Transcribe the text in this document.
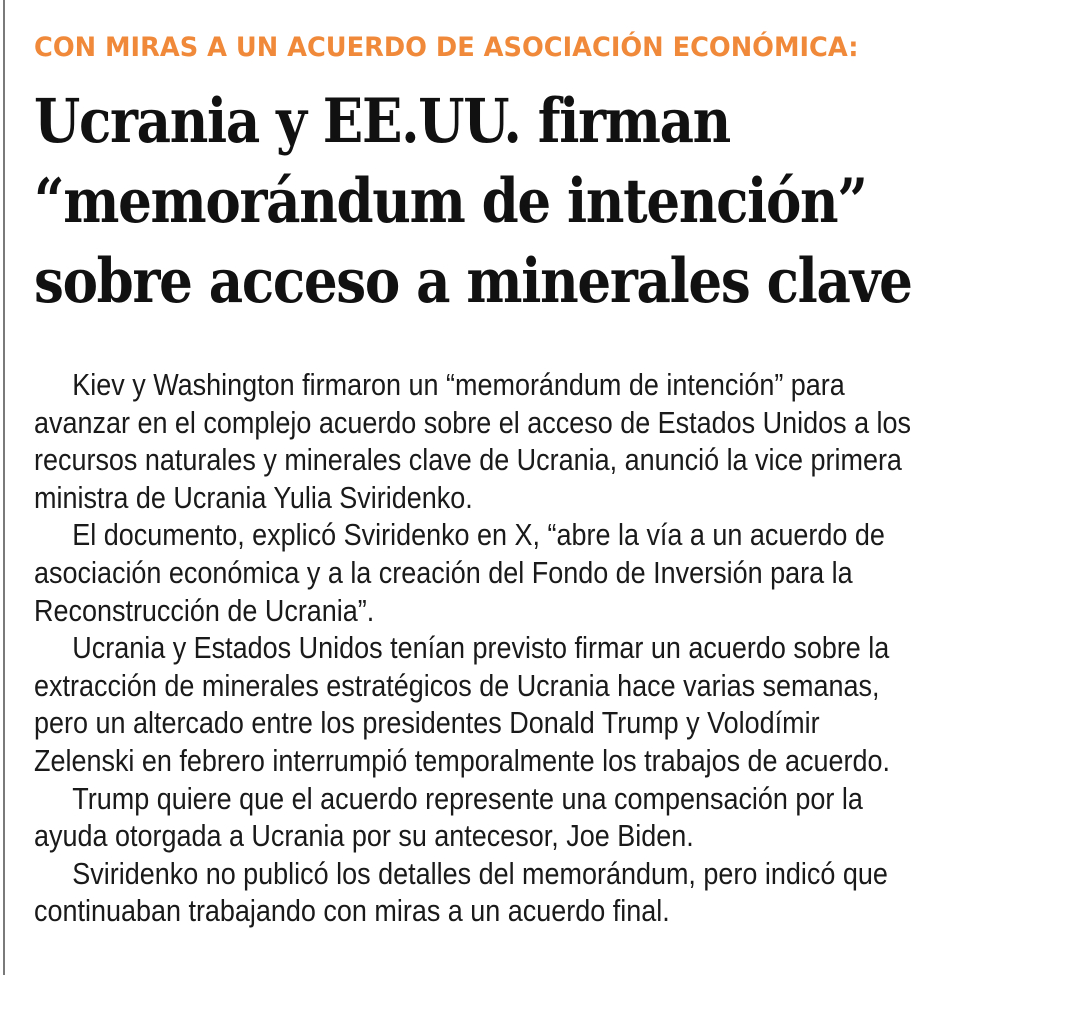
CON MIRAS A UN ACUERDO DE ASOCIACIÓN ECONÓMICA:
Ucrania y EE.UU. firman
“memorándum de intención”
sobre acceso a minerales clave
Kiev y Washington firmaron un “memorándum de intención” para
avanzar en el complejo acuerdo sobre el acceso de Estados Unidos a los
recursos naturales y minerales clave de Ucrania, anunció la vice primera
ministra de Ucrania Yulia Sviridenko.
El documento, explicó Sviridenko en X, “abre la vía a un acuerdo de
asociación económica y a la creación del Fondo de Inversión para la
Reconstrucción de Ucrania”.
Ucrania y Estados Unidos tenían previsto firmar un acuerdo sobre la
extracción de minerales estratégicos de Ucrania hace varias semanas,
pero un altercado entre los presidentes Donald Trump y Volodímir
Zelenski en febrero interrumpió temporalmente los trabajos de acuerdo.
Trump quiere que el acuerdo represente una compensación por la
ayuda otorgada a Ucrania por su antecesor, Joe Biden.
Sviridenko no publicó los detalles del memorándum, pero indicó que
continuaban trabajando con miras a un acuerdo final.
